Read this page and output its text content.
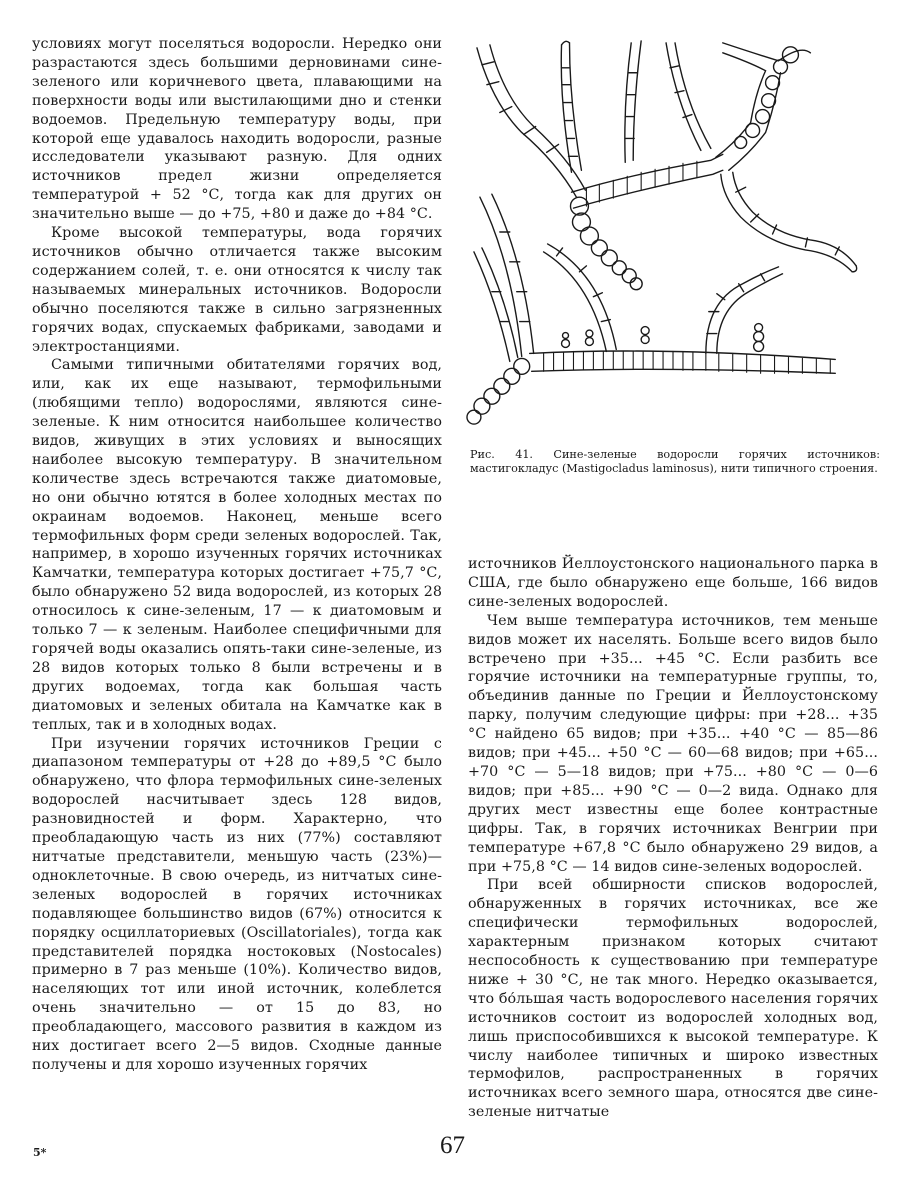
условиях могут поселяться водоросли. Нередко они разрастаются здесь большими дерновинами сине-зеленого или коричневого цвета, плавающими на поверхности воды или выстилающими дно и стенки водоемов. Предельную температуру воды, при которой еще удавалось находить водоросли, разные исследователи указывают разную. Для одних источников предел жизни определяется температурой + 52 °С, тогда как для других он значительно выше — до +75, +80 и даже до +84 °С.

Кроме высокой температуры, вода горячих источников обычно отличается также высоким содержанием солей, т. е. они относятся к числу так называемых минеральных источников. Водоросли обычно поселяются также в сильно загрязненных горячих водах, спускаемых фабриками, заводами и электростанциями.

Самыми типичными обитателями горячих вод, или, как их еще называют, термофильными (любящими тепло) водорослями, являются сине-зеленые. К ним относится наибольшее количество видов, живущих в этих условиях и выносящих наиболее высокую температуру. В значительном количестве здесь встречаются также диатомовые, но они обычно ютятся в более холодных местах по окраинам водоемов. Наконец, меньше всего термофильных форм среди зеленых водорослей. Так, например, в хорошо изученных горячих источниках Камчатки, температура которых достигает +75,7 °С, было обнаружено 52 вида водорослей, из которых 28 относилось к сине-зеленым, 17 — к диатомовым и только 7 — к зеленым. Наиболее специфичными для горячей воды оказались опять-таки сине-зеленые, из 28 видов которых только 8 были встречены и в других водоемах, тогда как большая часть диатомовых и зеленых обитала на Камчатке как в теплых, так и в холодных водах.

При изучении горячих источников Греции с диапазоном температуры от +28 до +89,5 °С было обнаружено, что флора термофильных сине-зеленых водорослей насчитывает здесь 128 видов, разновидностей и форм. Характерно, что преобладающую часть из них (77%) составляют нитчатые представители, меньшую часть (23%)— одноклеточные. В свою очередь, из нитчатых сине-зеленых водорослей в горячих источниках подавляющее большинство видов (67%) относится к порядку осциллаториевых (Oscillatoriales), тогда как представителей порядка ностоковых (Nostocales) примерно в 7 раз меньше (10%). Количество видов, населяющих тот или иной источник, колеблется очень значительно — от 15 до 83, но преобладающего, массового развития в каждом из них достигает всего 2—5 видов. Сходные данные получены и для хорошо изученных горячих

Рис. 41. Сине-зеленые водоросли горячих источников: мастигокладус (Mastigocladus laminosus), нити типичного строения.

источников Йеллоустонского национального парка в США, где было обнаружено еще больше, 166 видов сине-зеленых водорослей.

Чем выше температура источников, тем меньше видов может их населять. Больше всего видов было встречено при +35... +45 °С. Если разбить все горячие источники на температурные группы, то, объединив данные по Греции и Йеллоустонскому парку, получим следующие цифры: при +28... +35 °С найдено 65 видов; при +35... +40 °С — 85—86 видов; при +45... +50 °С — 60—68 видов; при +65... +70 °С — 5—18 видов; при +75... +80 °С — 0—6 видов; при +85... +90 °С — 0—2 вида. Однако для других мест известны еще более контрастные цифры. Так, в горячих источниках Венгрии при температуре +67,8 °С было обнаружено 29 видов, а при +75,8 °С — 14 видов сине-зеленых водорослей.

При всей обширности списков водорослей, обнаруженных в горячих источниках, все же специфически термофильных водорослей, характерным признаком которых считают неспособность к существованию при температуре ниже + 30 °С, не так много. Нередко оказывается, что бо́льшая часть водорослевого населения горячих источников состоит из водорослей холодных вод, лишь приспособившихся к высокой температуре. К числу наиболее типичных и широко известных термофилов, распространенных в горячих источниках всего земного шара, относятся две сине-зеленые нитчатые

5*	67
